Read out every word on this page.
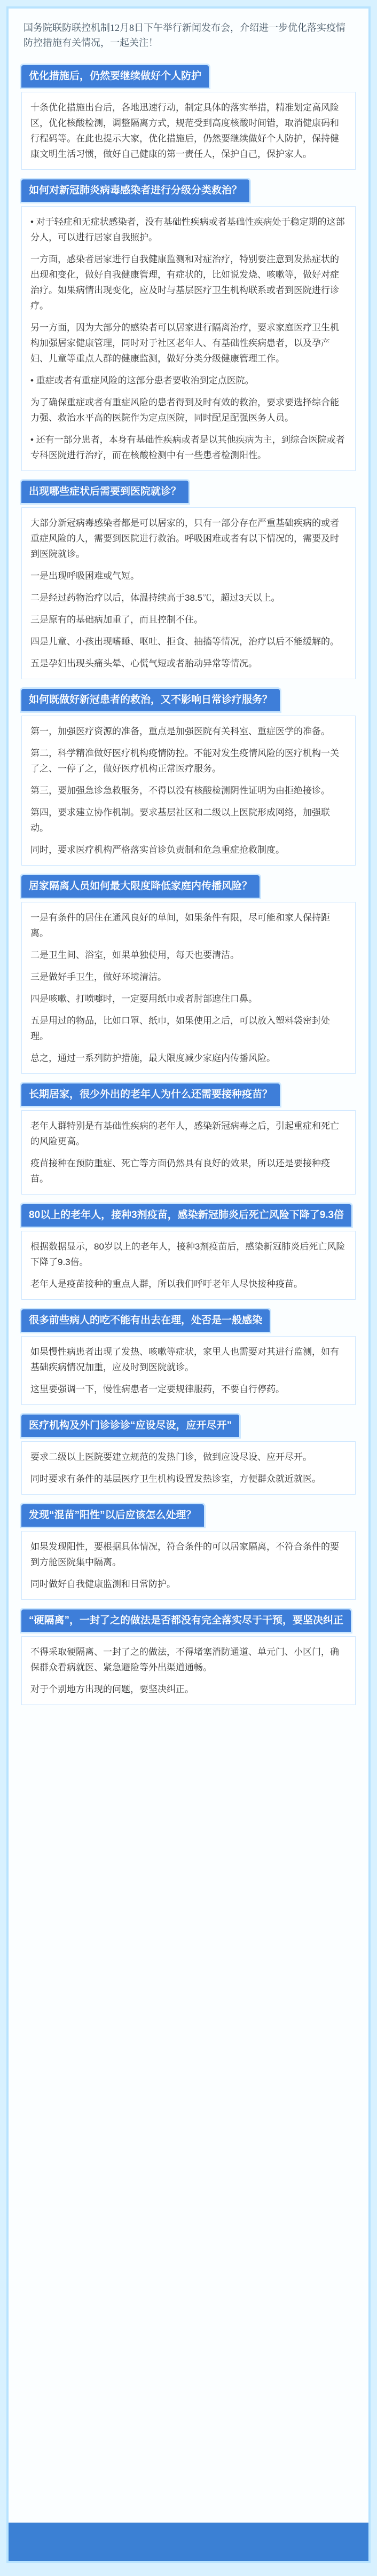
国务院联防联控机制12月8日下午举行新闻发布会，介绍进一步优化落实疫情防控措施有关情况，一起关注！
优化措施后，仍然要继续做好个人防护

十条优化措施出台后，各地迅速行动，制定具体的落实举措，精准划定高风险区，优化核酸检测，调整隔离方式，规范受到高度核酸时间错，取消健康码和行程码等。在此也提示大家，优化措施后，仍然要继续做好个人防护，保持健康文明生活习惯，做好自己健康的第一责任人，保护自己，保护家人。

如何对新冠肺炎病毒感染者进行分级分类救治？

• 对于轻症和无症状感染者，没有基础性疾病或者基础性疾病处于稳定期的这部分人，可以进行居家自我照护。

一方面，感染者居家进行自我健康监测和对症治疗，特别要注意到发热症状的出现和变化，做好自我健康管理，有症状的，比如说发烧、咳嗽等，做好对症治疗。如果病情出现变化，应及时与基层医疗卫生机构联系或者到医院进行诊疗。

另一方面，因为大部分的感染者可以居家进行隔离治疗，要求家庭医疗卫生机构加强居家健康管理，同时对于社区老年人、有基础性疾病患者，以及孕产妇、儿童等重点人群的健康监测，做好分类分级健康管理工作。

• 重症或者有重症风险的这部分患者要收治到定点医院。

为了确保重症或者有重症风险的患者得到及时有效的救治，要求要选择综合能力强、救治水平高的医院作为定点医院，同时配足配强医务人员。

• 还有一部分患者，本身有基础性疾病或者是以其他疾病为主，到综合医院或者专科医院进行治疗，而在核酸检测中有一些患者检测阳性。

出现哪些症状后需要到医院就诊？

大部分新冠病毒感染者都是可以居家的，只有一部分存在严重基础疾病的或者重症风险的人，需要到医院进行救治。呼吸困难或者有以下情况的，需要及时到医院就诊。

一是出现呼吸困难或气短。

二是经过药物治疗以后，体温持续高于38.5℃，超过3天以上。

三是原有的基础病加重了，而且控制不住。

四是儿童、小孩出现嗜睡、呕吐、拒食、抽搐等情况，治疗以后不能缓解的。

五是孕妇出现头痛头晕、心慌气短或者胎动异常等情况。

如何既做好新冠患者的救治，又不影响日常诊疗服务？

第一，加强医疗资源的准备，重点是加强医院有关科室、重症医学的准备。

第二，科学精准做好医疗机构疫情防控。不能对发生疫情风险的医疗机构一关了之、一停了之，做好医疗机构正常医疗服务。

第三，要加强急诊急救服务，不得以没有核酸检测阴性证明为由拒绝接诊。

第四，要求建立协作机制。要求基层社区和二级以上医院形成网络，加强联动。

同时，要求医疗机构严格落实首诊负责制和危急重症抢救制度。

居家隔离人员如何最大限度降低家庭内传播风险？

一是有条件的居住在通风良好的单间，如果条件有限，尽可能和家人保持距离。

二是卫生间、浴室，如果单独使用，每天也要清洁。

三是做好手卫生，做好环境清洁。

四是咳嗽、打喷嚏时，一定要用纸巾或者肘部遮住口鼻。

五是用过的物品，比如口罩、纸巾，如果使用之后，可以放入塑料袋密封处理。

总之，通过一系列防护措施，最大限度减少家庭内传播风险。

长期居家，很少外出的老年人为什么还需要接种疫苗？

老年人群特别是有基础性疾病的老年人，感染新冠病毒之后，引起重症和死亡的风险更高。

疫苗接种在预防重症、死亡等方面仍然具有良好的效果，所以还是要接种疫苗。

80以上的老年人，接种3剂疫苗，感染新冠肺炎后死亡风险下降了9.3倍

根据数据显示，80岁以上的老年人，接种3剂疫苗后，感染新冠肺炎后死亡风险下降了9.3倍。

老年人是疫苗接种的重点人群，所以我们呼吁老年人尽快接种疫苗。

很多前些病人的吃不能有出去在理，处否是一般感染

如果慢性病患者出现了发热、咳嗽等症状，家里人也需要对其进行监测，如有基础疾病情况加重，应及时到医院就诊。

这里要强调一下，慢性病患者一定要规律服药，不要自行停药。

医疗机构及外门诊诊诊“应设尽设，应开尽开”

要求二级以上医院要建立规范的发热门诊，做到应设尽设、应开尽开。

同时要求有条件的基层医疗卫生机构设置发热诊室，方便群众就近就医。

发现“混苗”阳性”以后应该怎么处理？

如果发现阳性，要根据具体情况，符合条件的可以居家隔离，不符合条件的要到方舱医院集中隔离。

同时做好自我健康监测和日常防护。

“硬隔离”，一封了之的做法是否都没有完全落实尽于干预，要坚决纠正

不得采取硬隔离、一封了之的做法，不得堵塞消防通道、单元门、小区门，确保群众看病就医、紧急避险等外出渠道通畅。

对于个别地方出现的问题，要坚决纠正。
